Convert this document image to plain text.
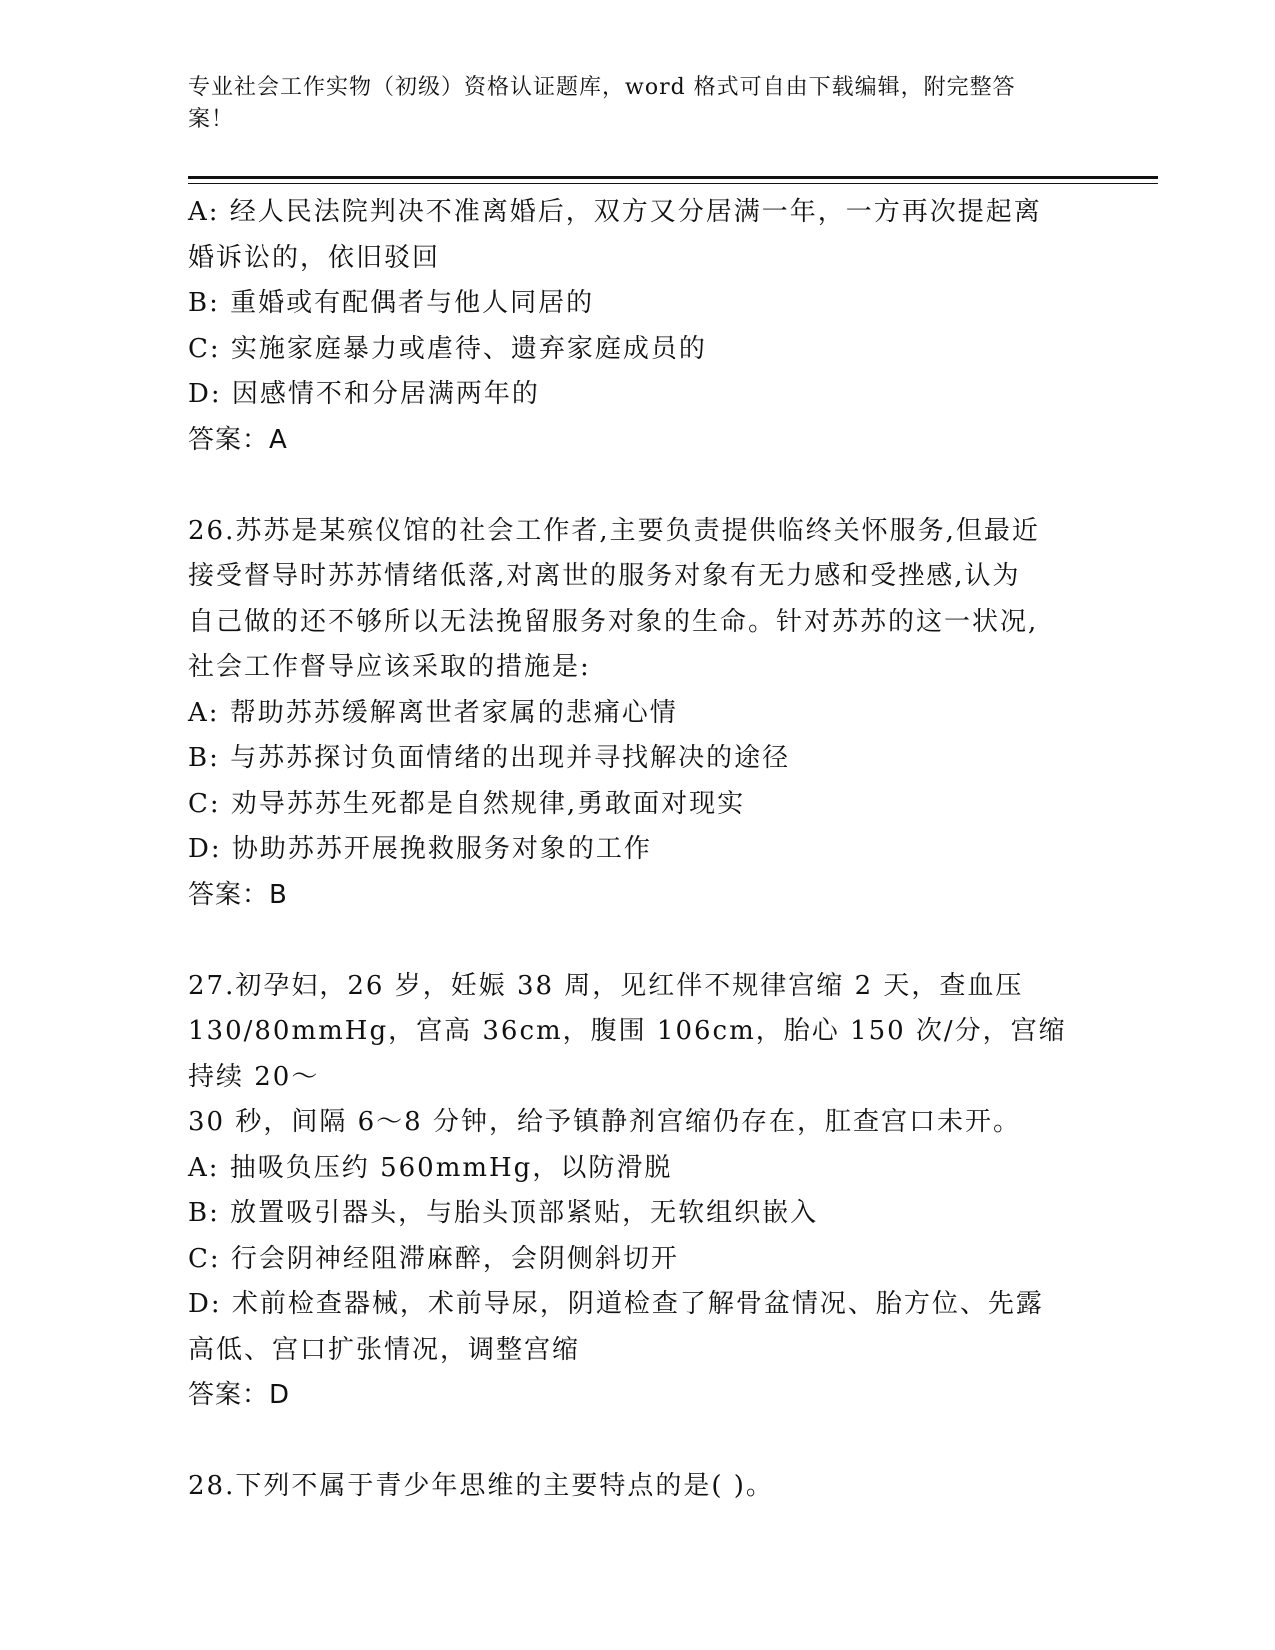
专业社会工作实物（初级）资格认证题库，word 格式可自由下载编辑，附完整答
案！
A: 经人民法院判决不准离婚后，双方又分居满一年，一方再次提起离
婚诉讼的，依旧驳回
B: 重婚或有配偶者与他人同居的
C: 实施家庭暴力或虐待、遗弃家庭成员的
D: 因感情不和分居满两年的
答案：A
26.苏苏是某殡仪馆的社会工作者,主要负责提供临终关怀服务,但最近
接受督导时苏苏情绪低落,对离世的服务对象有无力感和受挫感,认为
自己做的还不够所以无法挽留服务对象的生命。针对苏苏的这一状况,
社会工作督导应该采取的措施是:
A: 帮助苏苏缓解离世者家属的悲痛心情
B: 与苏苏探讨负面情绪的出现并寻找解决的途径
C: 劝导苏苏生死都是自然规律,勇敢面对现实
D: 协助苏苏开展挽救服务对象的工作
答案：B
27.初孕妇，26 岁，妊娠 38 周，见红伴不规律宫缩 2 天，查血压
130/80mmHg，宫高 36cm，腹围 106cm，胎心 150 次/分，宫缩持续 20～
30 秒，间隔 6～8 分钟，给予镇静剂宫缩仍存在，肛查宫口未开。
A: 抽吸负压约 560mmHg，以防滑脱
B: 放置吸引器头，与胎头顶部紧贴，无软组织嵌入
C: 行会阴神经阻滞麻醉，会阴侧斜切开
D: 术前检查器械，术前导尿，阴道检查了解骨盆情况、胎方位、先露
高低、宫口扩张情况，调整宫缩
答案：D
28.下列不属于青少年思维的主要特点的是( )。
